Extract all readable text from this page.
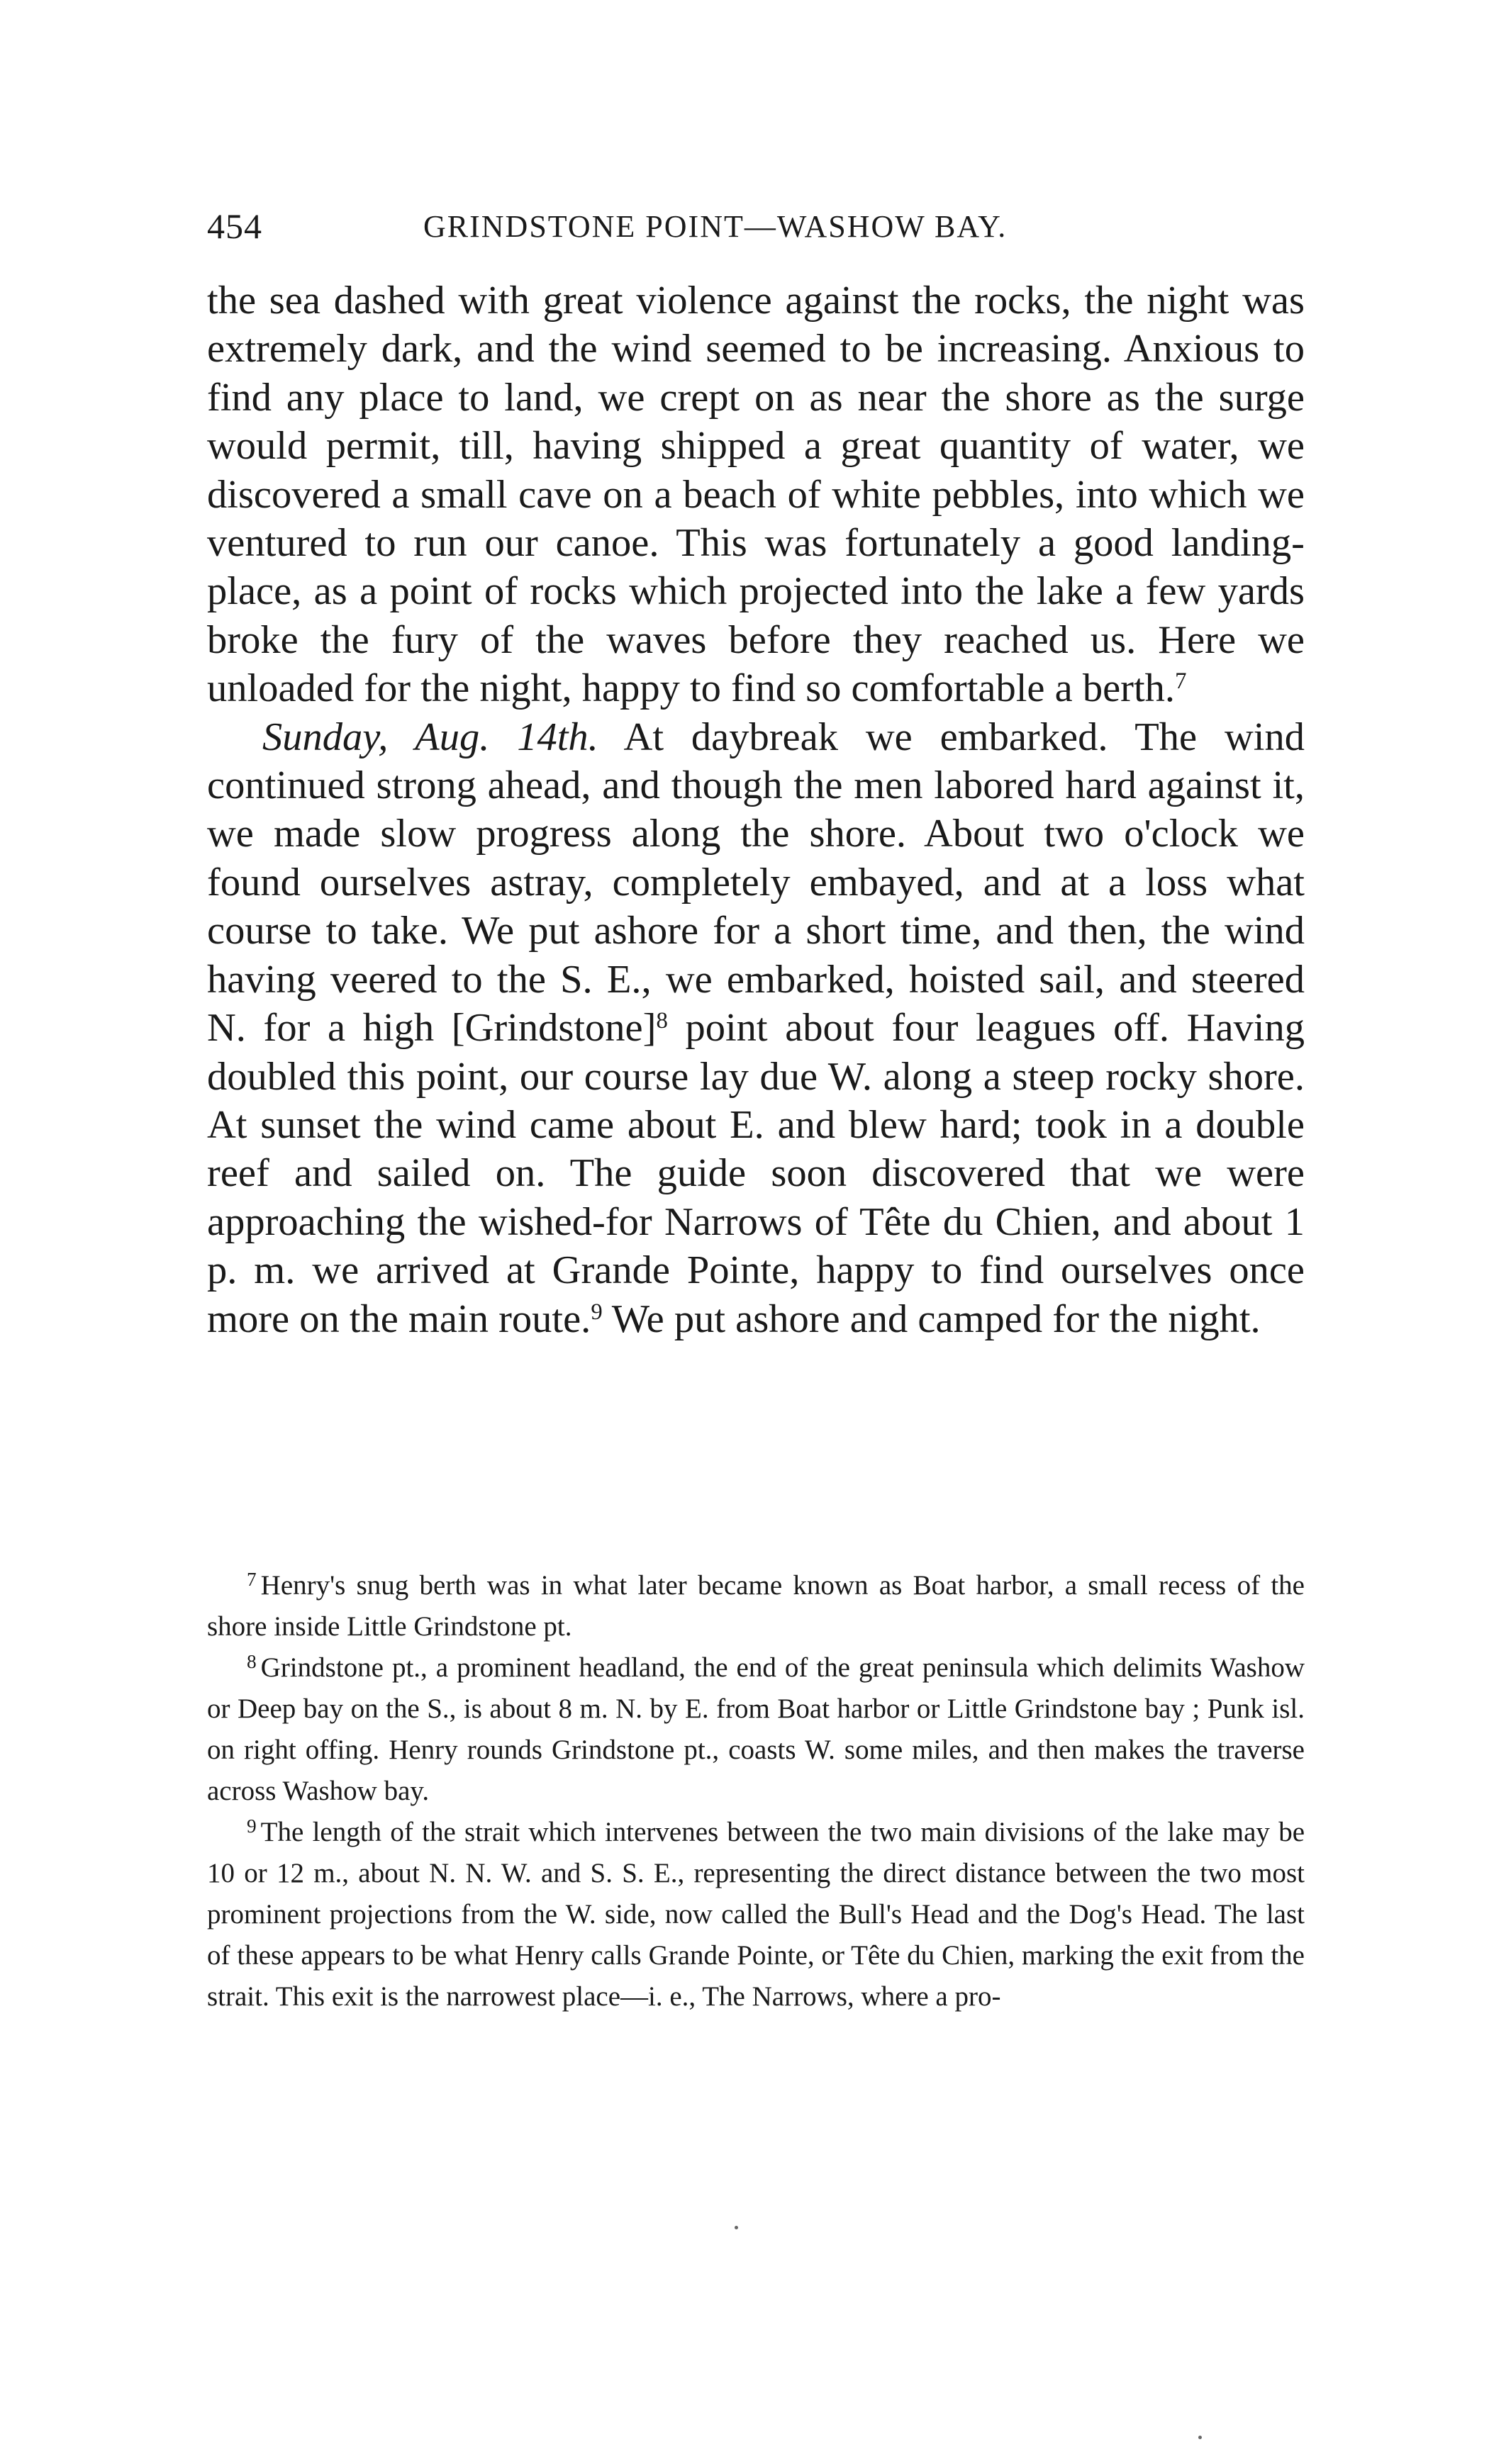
454	GRINDSTONE POINT—WASHOW BAY.

the sea dashed with great violence against the rocks, the night was extremely dark, and the wind seemed to be increasing. Anxious to find any place to land, we crept on as near the shore as the surge would permit, till, having shipped a great quantity of water, we discovered a small cave on a beach of white pebbles, into which we ventured to run our canoe. This was fortunately a good landing-place, as a point of rocks which projected into the lake a few yards broke the fury of the waves before they reached us. Here we unloaded for the night, happy to find so comfortable a berth.$^7$

Sunday, Aug. 14th. At daybreak we embarked. The wind continued strong ahead, and though the men labored hard against it, we made slow progress along the shore. About two o'clock we found ourselves astray, completely embayed, and at a loss what course to take. We put ashore for a short time, and then, the wind having veered to the S. E., we embarked, hoisted sail, and steered N. for a high [Grindstone]$^8$ point about four leagues off. Having doubled this point, our course lay due W. along a steep rocky shore. At sunset the wind came about E. and blew hard; took in a double reef and sailed on. The guide soon discovered that we were approaching the wished-for Narrows of Tête du Chien, and about 1 p. m. we arrived at Grande Pointe, happy to find ourselves once more on the main route.$^9$ We put ashore and camped for the night.

$^7$ Henry's snug berth was in what later became known as Boat harbor, a small recess of the shore inside Little Grindstone pt.

$^8$ Grindstone pt., a prominent headland, the end of the great peninsula which delimits Washow or Deep bay on the S., is about 8 m. N. by E. from Boat harbor or Little Grindstone bay ; Punk isl. on right offing. Henry rounds Grindstone pt., coasts W. some miles, and then makes the traverse across Washow bay.

$^9$ The length of the strait which intervenes between the two main divisions of the lake may be 10 or 12 m., about N. N. W. and S. S. E., representing the direct distance between the two most prominent projections from the W. side, now called the Bull's Head and the Dog's Head. The last of these appears to be what Henry calls Grande Pointe, or Tête du Chien, marking the exit from the strait. This exit is the narrowest place—i. e., The Narrows, where a pro-
